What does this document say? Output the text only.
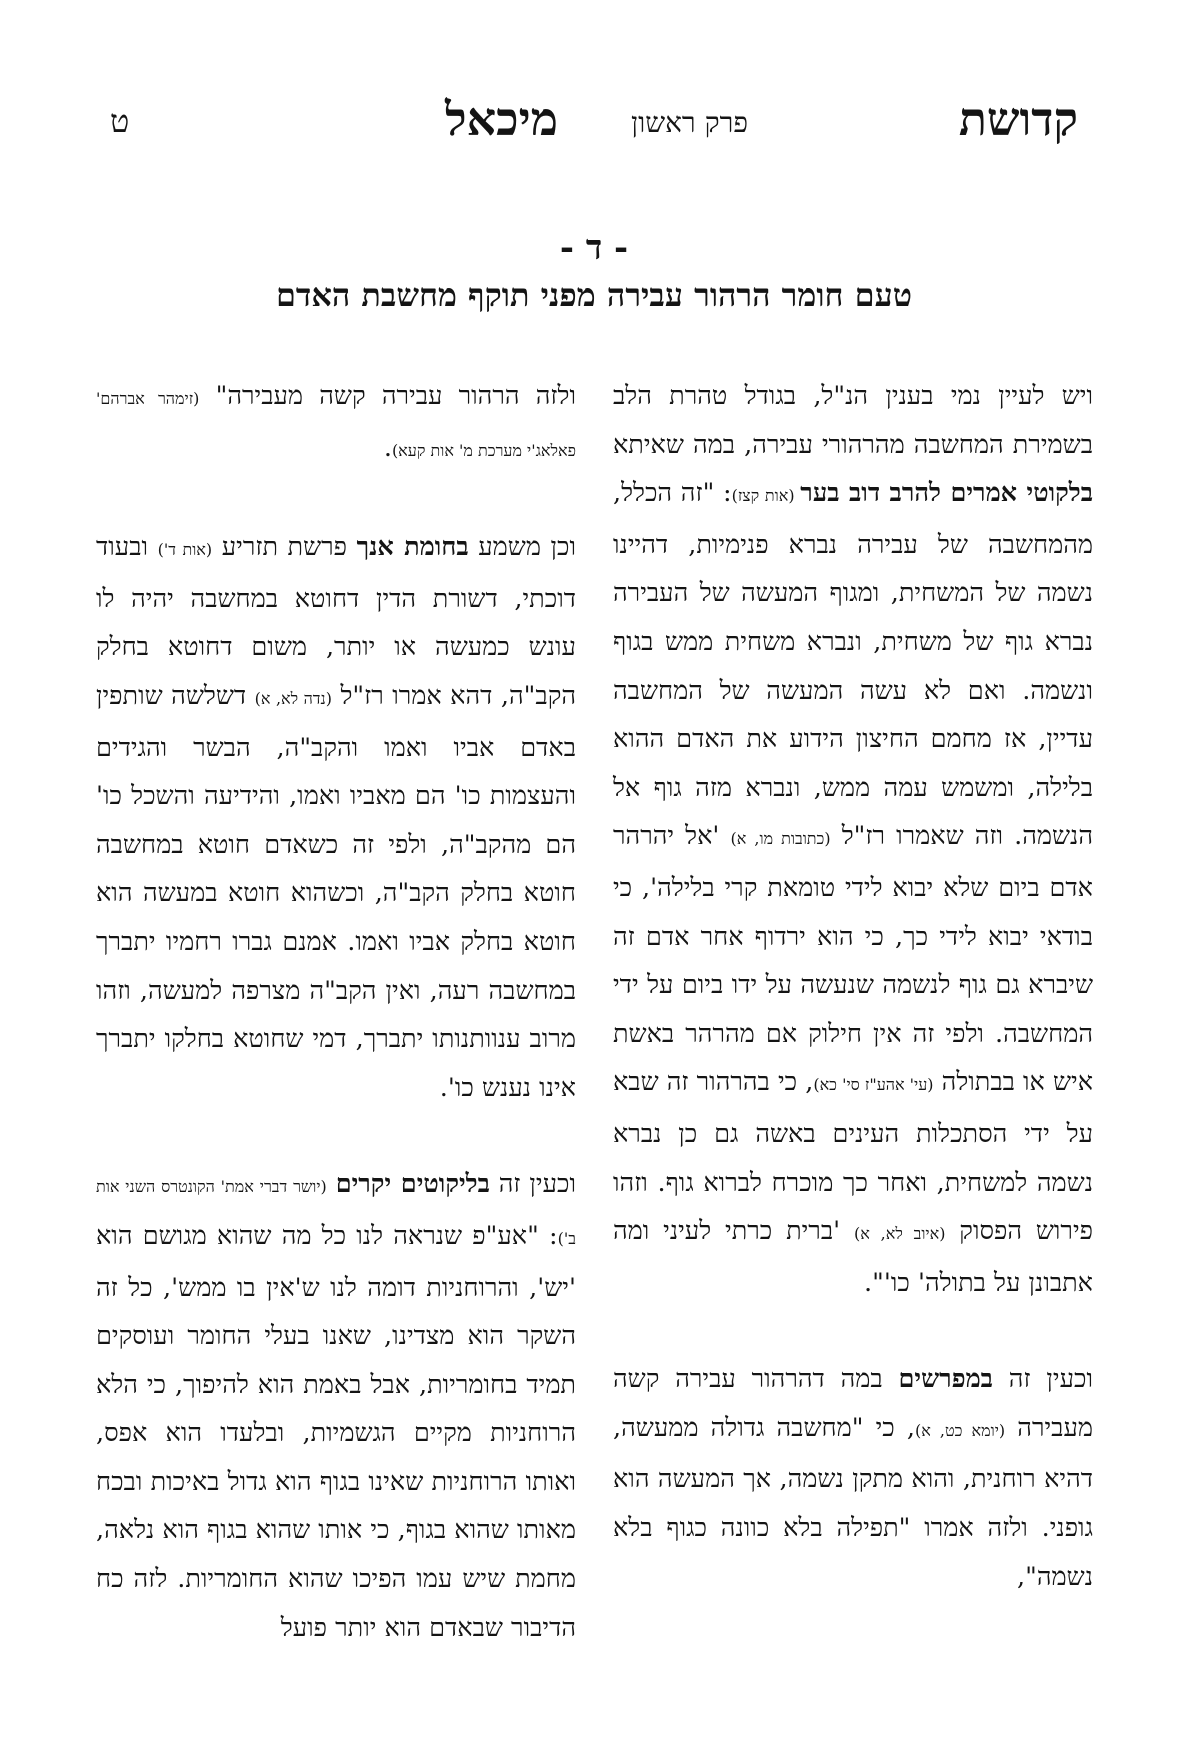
קדושת
פרק ראשון
מיכאל
ט
- ד -
טעם חומר הרהור עבירה מפני תוקף מחשבת האדם

ויש לעיין נמי בענין הנ"ל, בגודל טהרת הלב בשמירת המחשבה מהרהורי עבירה, במה שאיתא בלקוטי אמרים להרב דוב בער (אות קצז): "זה הכלל, מהמחשבה של עבירה נברא פנימיות, דהיינו נשמה של המשחית, ומגוף המעשה של העבירה נברא גוף של משחית, ונברא משחית ממש בגוף ונשמה. ואם לא עשה המעשה של המחשבה עדיין, אז מחמם החיצון הידוע את האדם ההוא בלילה, ומשמש עמה ממש, ונברא מזה גוף אל הנשמה. וזה שאמרו רז"ל (כתובות מו, א) 'אל יהרהר אדם ביום שלא יבוא לידי טומאת קרי בלילה', כי בודאי יבוא לידי כך, כי הוא ירדוף אחר אדם זה שיברא גם גוף לנשמה שנעשה על ידו ביום על ידי המחשבה. ולפי זה אין חילוק אם מהרהר באשת איש או בבתולה (עי' אהע"ז סי' כא), כי בהרהור זה שבא על ידי הסתכלות העינים באשה גם כן נברא נשמה למשחית, ואחר כך מוכרח לברוא גוף. וזהו פירוש הפסוק (איוב לא, א) 'ברית כרתי לעיני ומה אתבונן על בתולה' כו'".

וכעין זה במפרשים במה דהרהור עבירה קשה מעבירה (יומא כט, א), כי "מחשבה גדולה ממעשה, דהיא רוחנית, והוא מתקן נשמה, אך המעשה הוא גופני. ולזה אמרו "תפילה בלא כוונה כגוף בלא נשמה",

ולזה הרהור עבירה קשה מעבירה" (זימהר אברהם' פאלאג'י מערכת מ' אות קעא).

וכן משמע בחומת אנך פרשת תזריע (אות ד') ובעוד דוכתי, דשורת הדין דחוטא במחשבה יהיה לו עונש כמעשה או יותר, משום דחוטא בחלק הקב"ה, דהא אמרו רז"ל (נדה לא, א) דשלשה שותפין באדם אביו ואמו והקב"ה, הבשר והגידים והעצמות כו' הם מאביו ואמו, והידיעה והשכל כו' הם מהקב"ה, ולפי זה כשאדם חוטא במחשבה חוטא בחלק הקב"ה, וכשהוא חוטא במעשה הוא חוטא בחלק אביו ואמו. אמנם גברו רחמיו יתברך במחשבה רעה, ואין הקב"ה מצרפה למעשה, וזהו מרוב ענוותנותו יתברך, דמי שחוטא בחלקו יתברך אינו נענש כו'.

וכעין זה בליקוטים יקרים (יושר דברי אמת' הקונטרס השני אות ב'): "אע"פ שנראה לנו כל מה שהוא מגושם הוא 'יש', והרוחניות דומה לנו ש'אין בו ממש', כל זה השקר הוא מצדינו, שאנו בעלי החומר ועוסקים תמיד בחומריות, אבל באמת הוא להיפוך, כי הלא הרוחניות מקיים הגשמיות, ובלעדו הוא אפס, ואותו הרוחניות שאינו בגוף הוא גדול באיכות ובכח מאותו שהוא בגוף, כי אותו שהוא בגוף הוא נלאה, מחמת שיש עמו הפיכו שהוא החומריות. לזה כח הדיבור שבאדם הוא יותר פועל
